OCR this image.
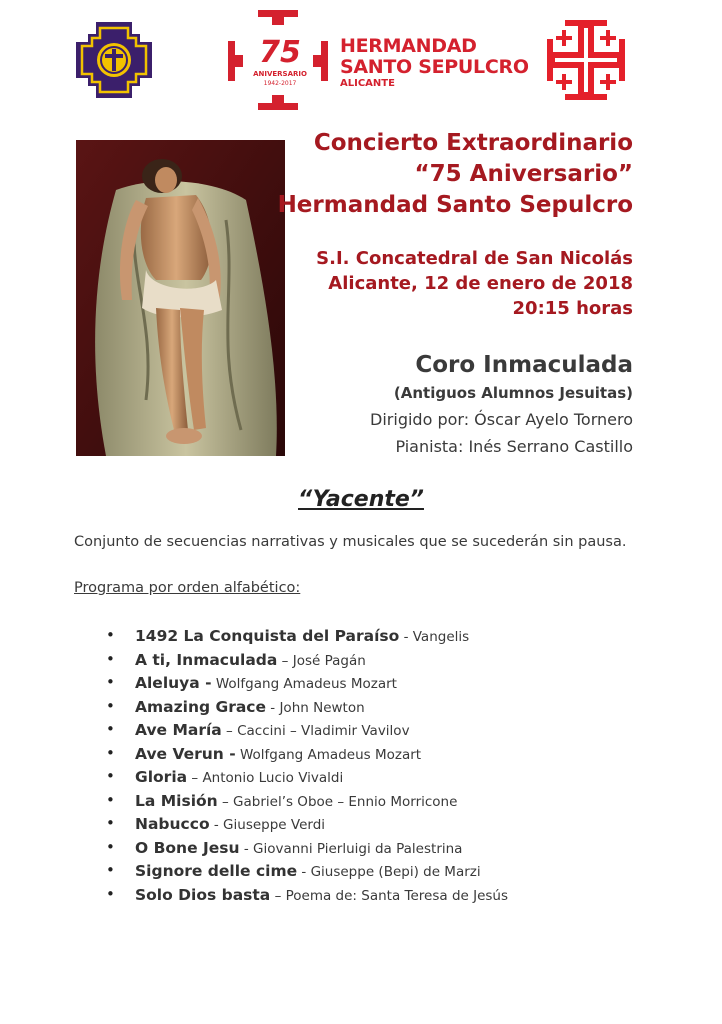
75
ANIVERSARIO
1942-2017
HERMANDAD
SANTO SEPULCRO
ALICANTE
Concierto Extraordinario
“75 Aniversario”
Hermandad Santo Sepulcro
S.I. Concatedral de San Nicolás
Alicante, 12 de enero de 2018
20:15 horas
Coro Inmaculada
(Antiguos Alumnos Jesuitas)
Dirigido por: Óscar Ayelo Tornero
Pianista: Inés Serrano Castillo
“Yacente”
Conjunto de secuencias narrativas y musicales que se sucederán sin pausa.
Programa por orden alfabético:
• 1492 La Conquista del Paraíso - Vangelis
• A ti, Inmaculada – José Pagán
• Aleluya - Wolfgang Amadeus Mozart
• Amazing Grace - John Newton
• Ave María – Caccini – Vladimir Vavilov
• Ave Verun - Wolfgang Amadeus Mozart
• Gloria – Antonio Lucio Vivaldi
• La Misión – Gabriel’s Oboe – Ennio Morricone
• Nabucco - Giuseppe Verdi
• O Bone Jesu - Giovanni Pierluigi da Palestrina
• Signore delle cime - Giuseppe (Bepi) de Marzi
• Solo Dios basta – Poema de: Santa Teresa de Jesús
